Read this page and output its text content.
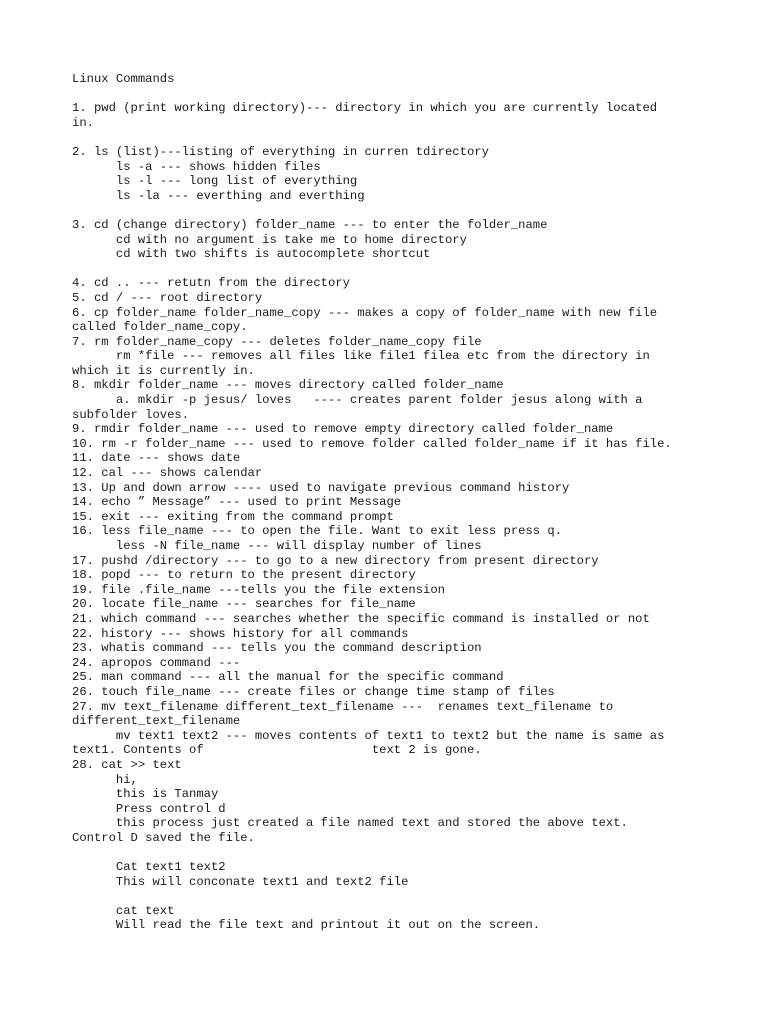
Linux Commands
1. pwd (print working directory)--- directory in which you are currently located
in.
2. ls (list)---listing of everything in curren tdirectory
ls -a --- shows hidden files
ls -l --- long list of everything
ls -la --- everthing and everthing
3. cd (change directory) folder_name --- to enter the folder_name
cd with no argument is take me to home directory
cd with two shifts is autocomplete shortcut
4. cd .. --- retutn from the directory
5. cd / --- root directory
6. cp folder_name folder_name_copy --- makes a copy of folder_name with new file
called folder_name_copy.
7. rm folder_name_copy --- deletes folder_name_copy file
rm *file --- removes all files like file1 filea etc from the directory in
which it is currently in.
8. mkdir folder_name --- moves directory called folder_name
a. mkdir -p jesus/ loves   ---- creates parent folder jesus along with a
subfolder loves.
9. rmdir folder_name --- used to remove empty directory called folder_name
10. rm -r folder_name --- used to remove folder called folder_name if it has file.
11. date --- shows date
12. cal --- shows calendar
13. Up and down arrow ---- used to navigate previous command history
14. echo ” Message” --- used to print Message
15. exit --- exiting from the command prompt
16. less file_name --- to open the file. Want to exit less press q.
less -N file_name --- will display number of lines
17. pushd /directory --- to go to a new directory from present directory
18. popd --- to return to the present directory
19. file .file_name ---tells you the file extension
20. locate file_name --- searches for file_name
21. which command --- searches whether the specific command is installed or not
22. history --- shows history for all commands
23. whatis command --- tells you the command description
24. apropos command ---
25. man command --- all the manual for the specific command
26. touch file_name --- create files or change time stamp of files
27. mv text_filename different_text_filename ---  renames text_filename to
different_text_filename
mv text1 text2 --- moves contents of text1 to text2 but the name is same as
text1. Contents of                       text 2 is gone.
28. cat >> text
hi,
this is Tanmay
Press control d
this process just created a file named text and stored the above text.
Control D saved the file.
Cat text1 text2
This will conconate text1 and text2 file
cat text
Will read the file text and printout it out on the screen.
